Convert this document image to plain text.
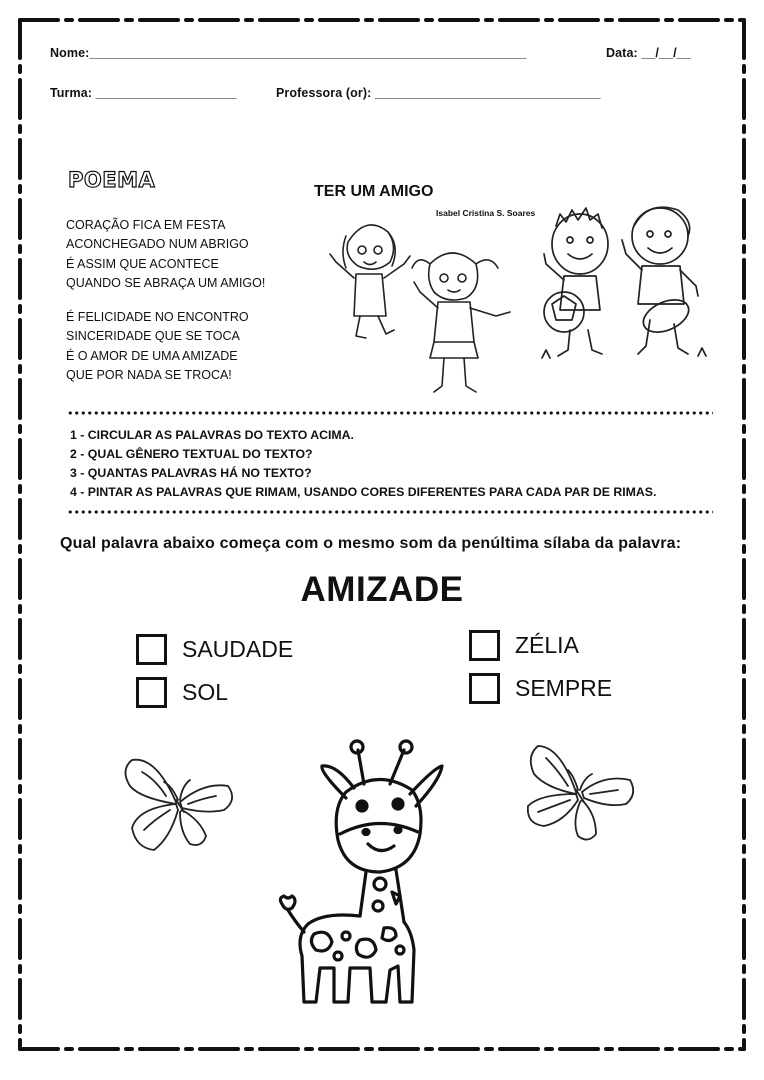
Nome:______________________________________________________________	Data: __/__/__
Turma: ____________________	Professora (or): ________________________________
POEMA	TER UM AMIGO
Isabel Cristina S. Soares
CORAÇÃO FICA EM FESTA
ACONCHEGADO NUM ABRIGO
É ASSIM QUE ACONTECE
QUANDO SE ABRAÇA UM AMIGO!
É FELICIDADE NO ENCONTRO
SINCERIDADE QUE SE TOCA
É O AMOR DE UMA AMIZADE
QUE POR NADA SE TROCA!
1 - CIRCULAR AS PALAVRAS DO TEXTO ACIMA.
2 - QUAL GÊNERO TEXTUAL DO TEXTO?
3 - QUANTAS PALAVRAS HÁ NO TEXTO?
4 - PINTAR AS PALAVRAS QUE RIMAM, USANDO CORES DIFERENTES PARA CADA PAR DE RIMAS.
Qual palavra abaixo começa com o mesmo som da penúltima sílaba da palavra:
AMIZADE
SAUDADE	ZÉLIA
SOL	SEMPRE
